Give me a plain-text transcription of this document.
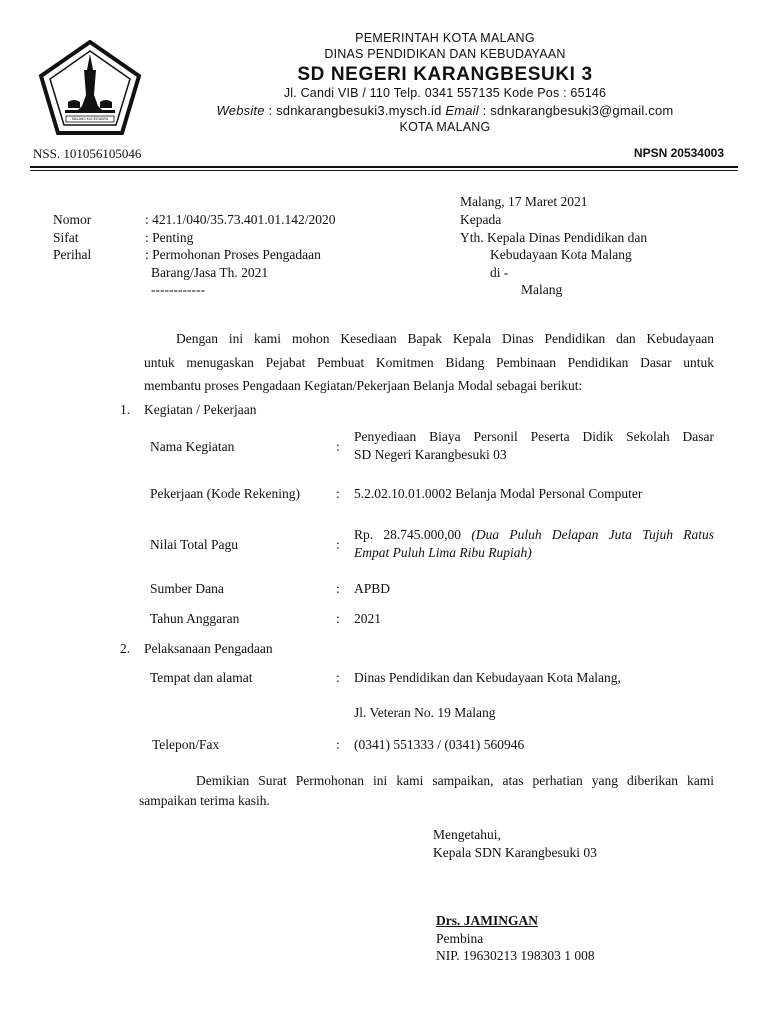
MALANG KUCECWARA
PEMERINTAH KOTA MALANG
DINAS PENDIDIKAN DAN KEBUDAYAAN
SD NEGERI KARANGBESUKI 3
Jl. Candi VIB / 110 Telp. 0341 557135 Kode Pos : 65146
Website : sdnkarangbesuki3.mysch.id Email : sdnkarangbesuki3@gmail.com
KOTA MALANG
NSS. 101056105046	NPSN 20534003
Malang, 17 Maret 2021
Kepada
Yth. Kepala Dinas Pendidikan dan
Kebudayaan Kota Malang
di -
Malang
Nomor	: 421.1/040/35.73.401.01.142/2020
Sifat	: Penting
Perihal	: Permohonan Proses Pengadaan
Barang/Jasa Th. 2021
------------
Dengan ini kami mohon Kesediaan Bapak Kepala Dinas Pendidikan dan Kebudayaan
untuk menugaskan Pejabat Pembuat Komitmen Bidang Pembinaan Pendidikan Dasar untuk
membantu proses Pengadaan Kegiatan/Pekerjaan Belanja Modal sebagai berikut:
1. Kegiatan / Pekerjaan
Nama Kegiatan	:
Penyediaan Biaya Personil Peserta Didik Sekolah Dasar
SD Negeri Karangbesuki 03
Pekerjaan (Kode Rekening)	: 5.2.02.10.01.0002 Belanja Modal Personal Computer
Nilai Total Pagu	:
Rp. 28.745.000,00 (Dua Puluh Delapan Juta Tujuh Ratus
Empat Puluh Lima Ribu Rupiah)
Sumber Dana	: APBD
Tahun Anggaran	: 2021
2. Pelaksanaan Pengadaan
Tempat dan alamat	: Dinas Pendidikan dan Kebudayaan Kota Malang,
Jl. Veteran No. 19 Malang
Telepon/Fax	: (0341) 551333 / (0341) 560946
Demikian Surat Permohonan ini kami sampaikan, atas perhatian yang diberikan kami
sampaikan terima kasih.
Mengetahui,
Kepala SDN Karangbesuki 03
Drs. JAMINGAN
Pembina
NIP. 19630213 198303 1 008
